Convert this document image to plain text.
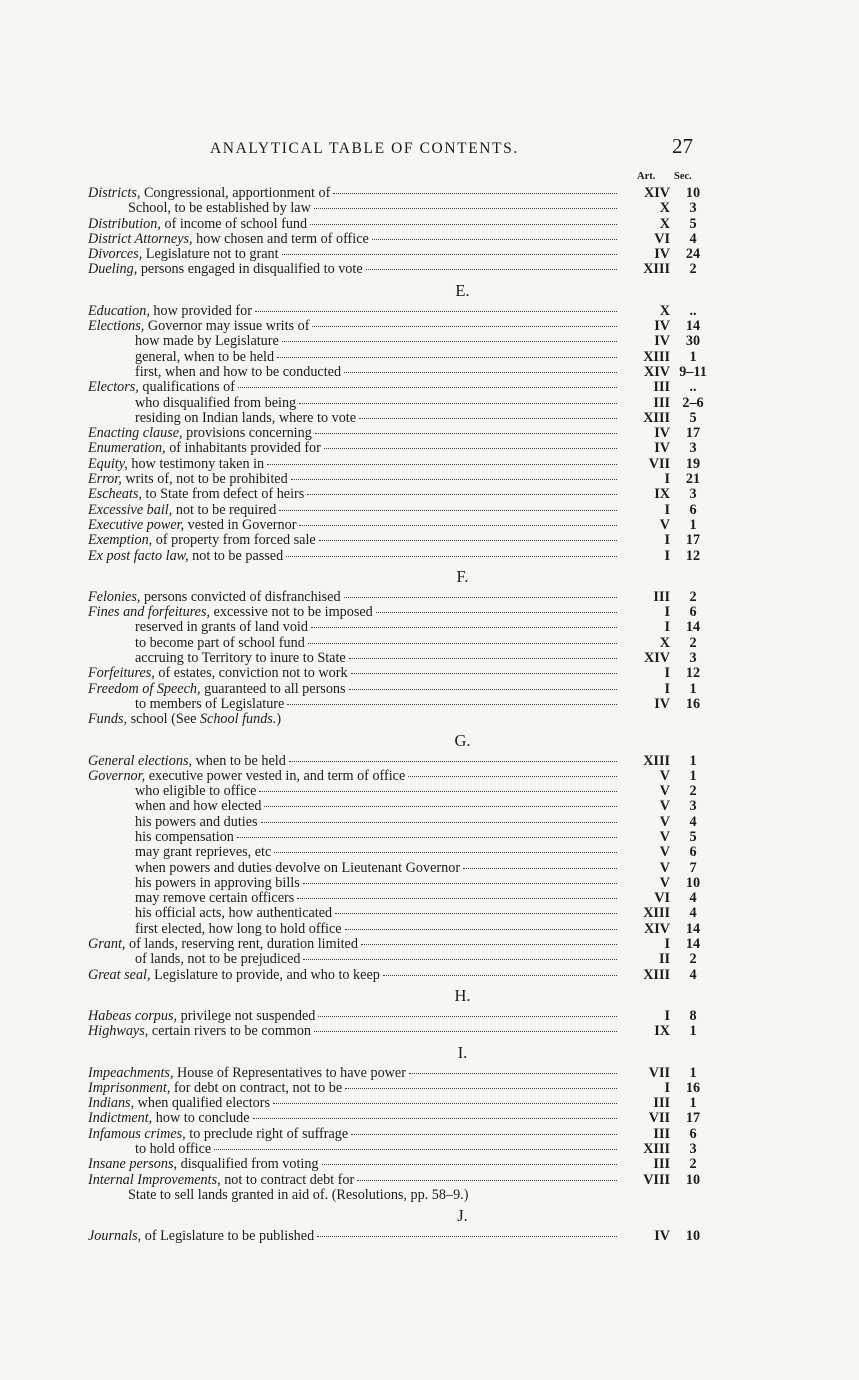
ANALYTICAL TABLE OF CONTENTS.	27
Art. Sec.
Districts, Congressional, apportionment of	XIV	10
School, to be established by law	X	3
Distribution, of income of school fund	X	5
District Attorneys, how chosen and term of office	VI	4
Divorces, Legislature not to grant	IV	24
Dueling, persons engaged in disqualified to vote	XIII	2
E.
Education, how provided for	X	..
Elections, Governor may issue writs of	IV	14
how made by Legislature	IV	30
general, when to be held	XIII	1
first, when and how to be conducted	XIV 9–11
Electors, qualifications of	III	..
who disqualified from being	III 2–6
residing on Indian lands, where to vote	XIII	5
Enacting clause, provisions concerning	IV	17
Enumeration, of inhabitants provided for	IV	3
Equity, how testimony taken in	VII	19
Error, writs of, not to be prohibited	I	21
Escheats, to State from defect of heirs	IX	3
Excessive bail, not to be required	I	6
Executive power, vested in Governor	V	1
Exemption, of property from forced sale	I	17
Ex post facto law, not to be passed	I	12
F.
Felonies, persons convicted of disfranchised	III	2
Fines and forfeitures, excessive not to be imposed	I	6
reserved in grants of land void	I	14
to become part of school fund	X	2
accruing to Territory to inure to State	XIV	3
Forfeitures, of estates, conviction not to work	I	12
Freedom of Speech, guaranteed to all persons	I	1
to members of Legislature	IV	16
Funds, school (See School funds.)
G.
General elections, when to be held	XIII	1
Governor, executive power vested in, and term of office	V	1
who eligible to office	V	2
when and how elected	V	3
his powers and duties	V	4
his compensation	V	5
may grant reprieves, etc	V	6
when powers and duties devolve on Lieutenant Governor	V	7
his powers in approving bills	V	10
may remove certain officers	VI	4
his official acts, how authenticated	XIII	4
first elected, how long to hold office	XIV	14
Grant, of lands, reserving rent, duration limited	I	14
of lands, not to be prejudiced	II	2
Great seal, Legislature to provide, and who to keep	XIII	4
H.
Habeas corpus, privilege not suspended	I	8
Highways, certain rivers to be common	IX	1
I.
Impeachments, House of Representatives to have power	VII	1
Imprisonment, for debt on contract, not to be	I	16
Indians, when qualified electors	III	1
Indictment, how to conclude	VII	17
Infamous crimes, to preclude right of suffrage	III	6
to hold office	XIII	3
Insane persons, disqualified from voting	III	2
Internal Improvements, not to contract debt for	VIII	10
State to sell lands granted in aid of. (Resolutions, pp. 58–9.)
J.
Journals, of Legislature to be published	IV	10
